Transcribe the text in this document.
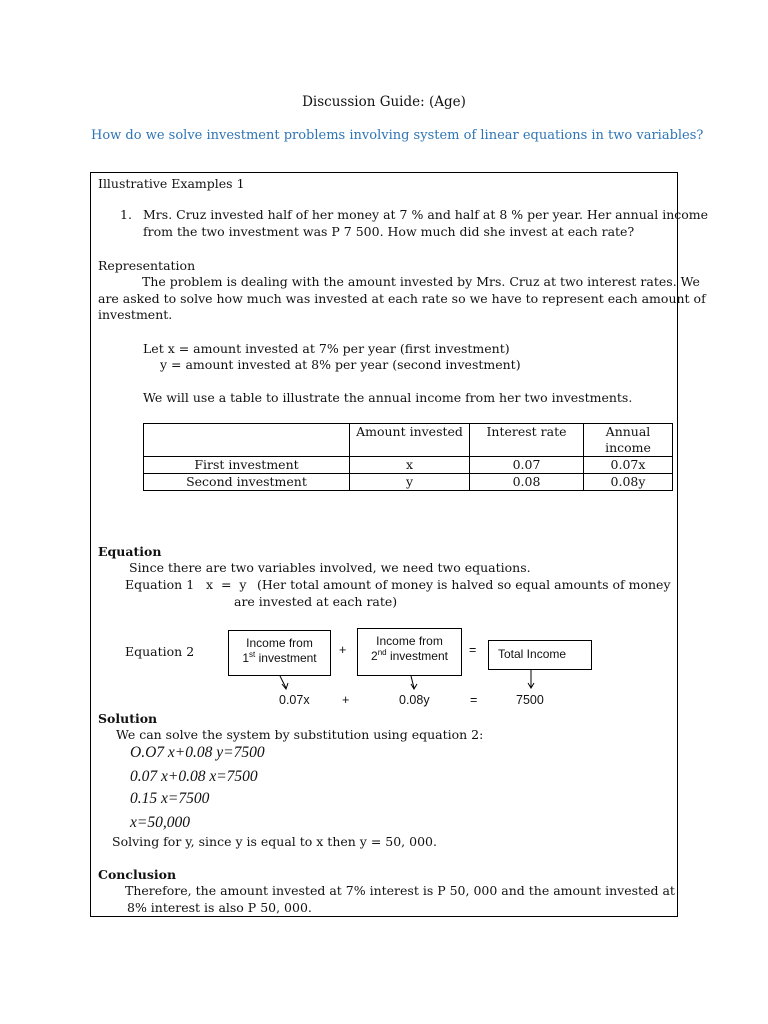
Discussion Guide: (Age)
How do we solve investment problems involving system of linear equations in two variables?
Illustrative Examples 1
1. Mrs. Cruz invested half of her money at 7 % and half at 8 % per year. Her annual income
from the two investment was P 7 500. How much did she invest at each rate?
Representation
The problem is dealing with the amount invested by Mrs. Cruz at two interest rates. We
are asked to solve how much was invested at each rate so we have to represent each amount of
investment.
Let x = amount invested at 7% per year (first investment)
y = amount invested at 8% per year (second investment)
We will use a table to illustrate the annual income from her two investments.
	Amount invested	Interest rate	Annual income
First investment	x	0.07	0.07x
Second investment	y	0.08	0.08y
Equation
Since there are two variables involved, we need two equations.
Equation 1 x  =  y (Her total amount of money is halved so equal amounts of money
are invested at each rate)
Equation 2
Income from
1st investment
+
Income from
2nd investment	=	Total Income
0.07x	+	0.08y	=	7500
Solution
We can solve the system by substitution using equation 2:
O.O7 x+0.08 y=7500
0.07 x+0.08 x=7500
0.15 x=7500
x=50,000
Solving for y, since y is equal to x then y = 50, 000.
Conclusion
Therefore, the amount invested at 7% interest is P 50, 000 and the amount invested at
8% interest is also P 50, 000.
